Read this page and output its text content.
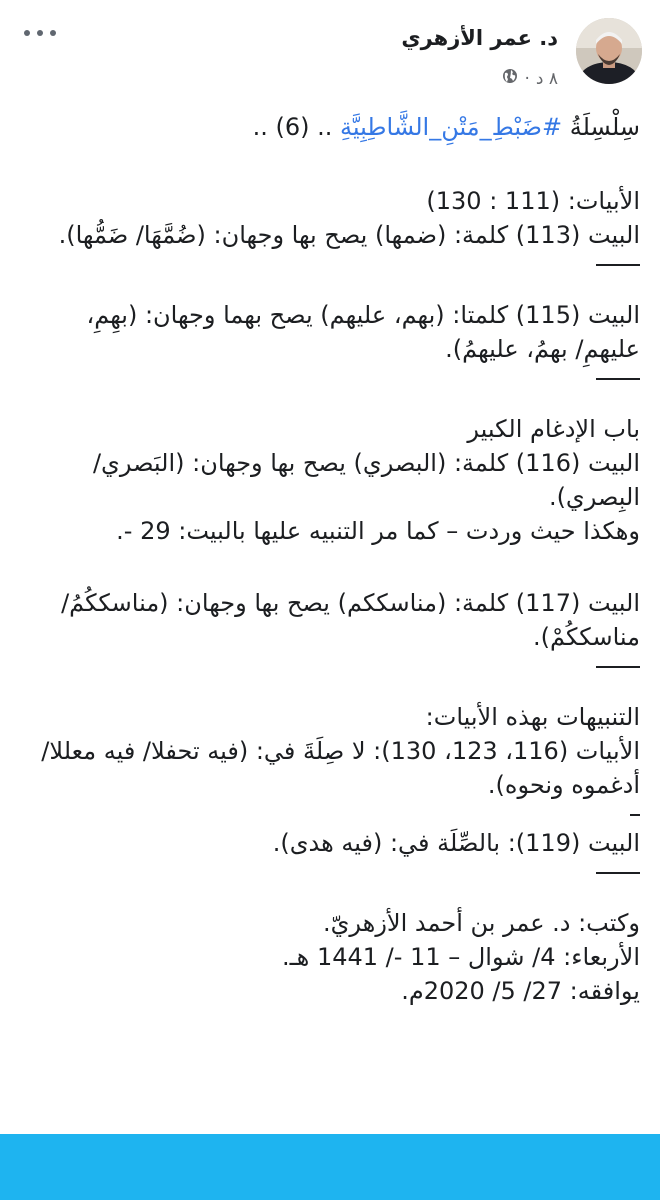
د. عمر الأزهري
٨ د
·

سِلْسِلَةُ #ضَبْطِ_مَتْنِ_الشَّاطِبِيَّةِ .. (6) ..

الأبيات: (111 : 130)

البيت (113) كلمة: (ضمها) يصح بها وجهان: (ضُمَّهَا/ ضَمُّها).

البيت (115) كلمتا: (بهم، عليهم) يصح بهما وجهان: (بهِمِ، عليهمِ/ بهمُ، عليهمُ).

باب الإدغام الكبير

البيت (116) كلمة: (البصري) يصح بها وجهان: (البَصري/ البِصري).

وهكذا حيث وردت – كما مر التنبيه عليها بالبيت: 29 -.

البيت (117) كلمة: (مناسككم) يصح بها وجهان: (مناسككُمُ/ مناسككُمْ).

التنبيهات بهذه الأبيات:

الأبيات (116، 123، 130): لا صِلَةَ في: (فيه تحفلا/ فيه معللا/ أدغموه ونحوه).

البيت (119): بالصِّلَة في: (فيه هدى).

وكتب: د. عمر بن أحمد الأزهريّ.

الأربعاء: 4/ شوال – 11 -/ 1441 هـ.

يوافقه: 27/ 5/ 2020م.
